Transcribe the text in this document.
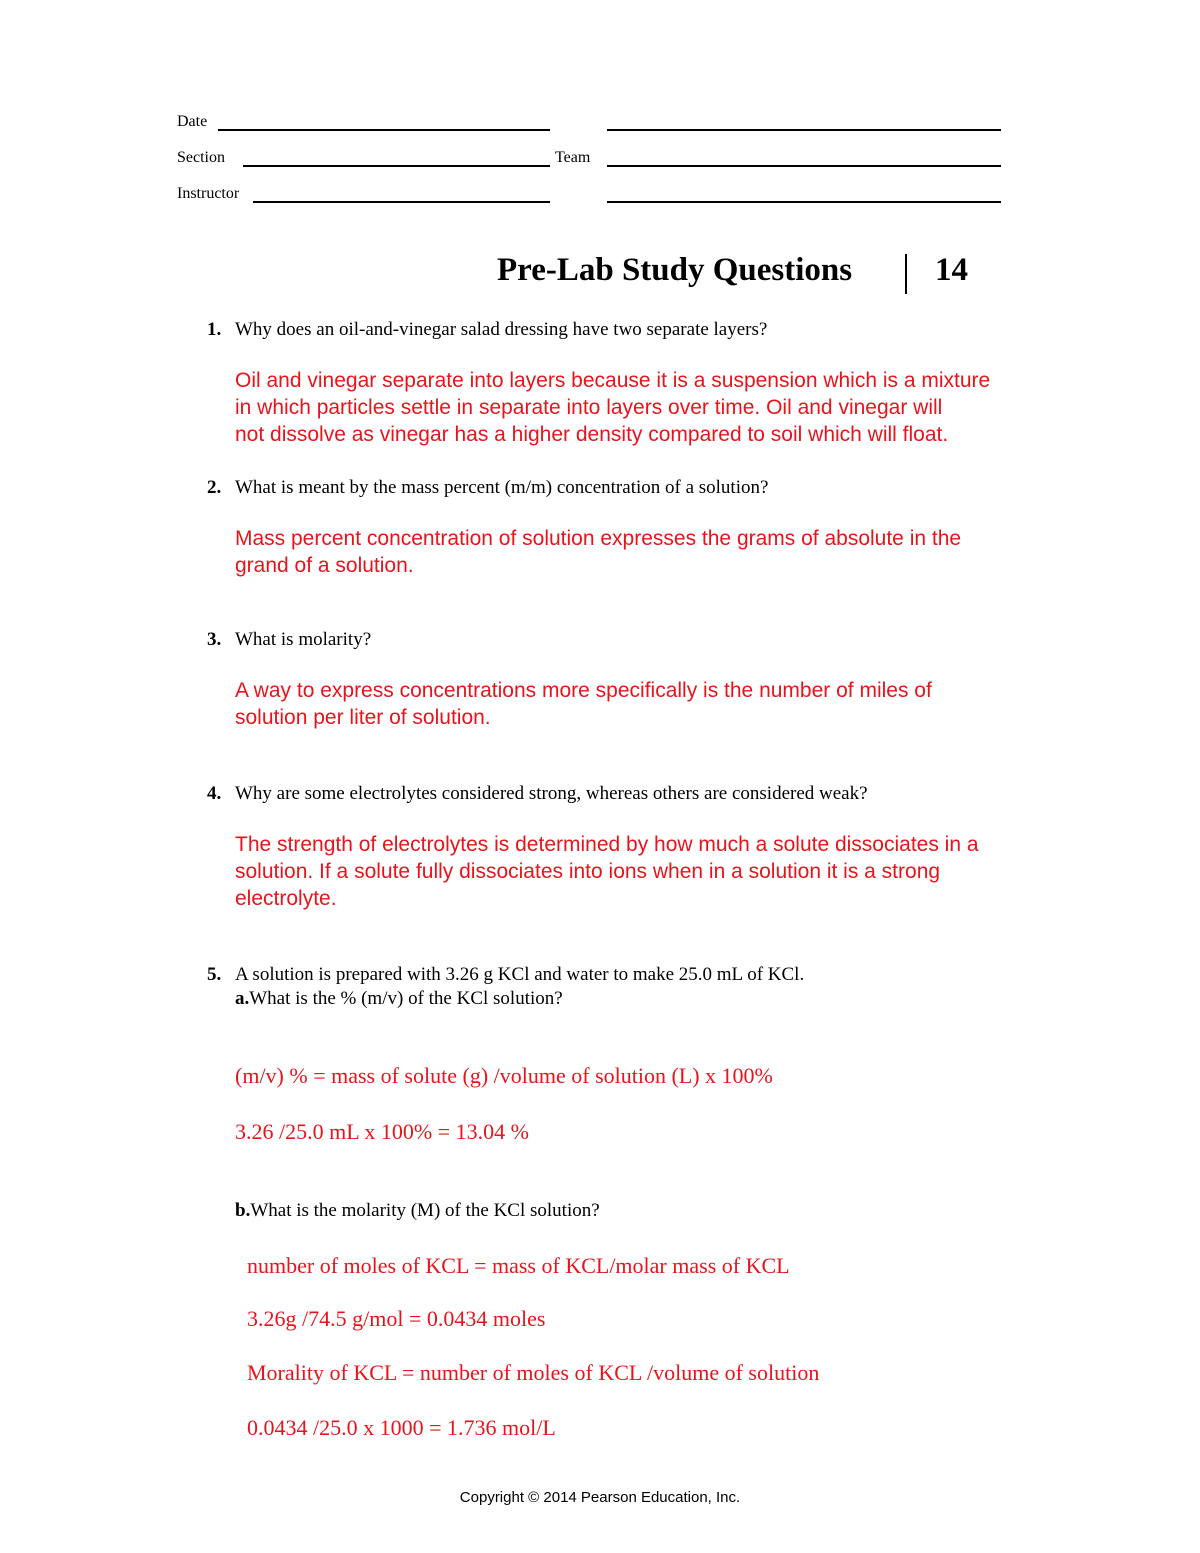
Date
Section	Team
Instructor
Pre-Lab Study Questions	14
1. Why does an oil-and-vinegar salad dressing have two separate layers?
Oil and vinegar separate into layers because it is a suspension which is a mixture
in which particles settle in separate into layers over time. Oil and vinegar will
not dissolve as vinegar has a higher density compared to soil which will float.
2. What is meant by the mass percent (m/m) concentration of a solution?
Mass percent concentration of solution expresses the grams of absolute in the
grand of a solution.
3. What is molarity?
A way to express concentrations more specifically is the number of miles of
solution per liter of solution.
4. Why are some electrolytes considered strong, whereas others are considered weak?
The strength of electrolytes is determined by how much a solute dissociates in a
solution. If a solute fully dissociates into ions when in a solution it is a strong
electrolyte.
5. A solution is prepared with 3.26 g KCl and water to make 25.0 mL of KCl.
a.What is the % (m/v) of the KCl solution?
(m/v) % = mass of solute (g) /volume of solution (L) x 100%
3.26 /25.0 mL x 100% = 13.04 %
b.What is the molarity (M) of the KCl solution?
number of moles of KCL = mass of KCL/molar mass of KCL
3.26g /74.5 g/mol = 0.0434 moles
Morality of KCL = number of moles of KCL /volume of solution
0.0434 /25.0 x 1000 = 1.736 mol/L
Copyright © 2014 Pearson Education, Inc.
